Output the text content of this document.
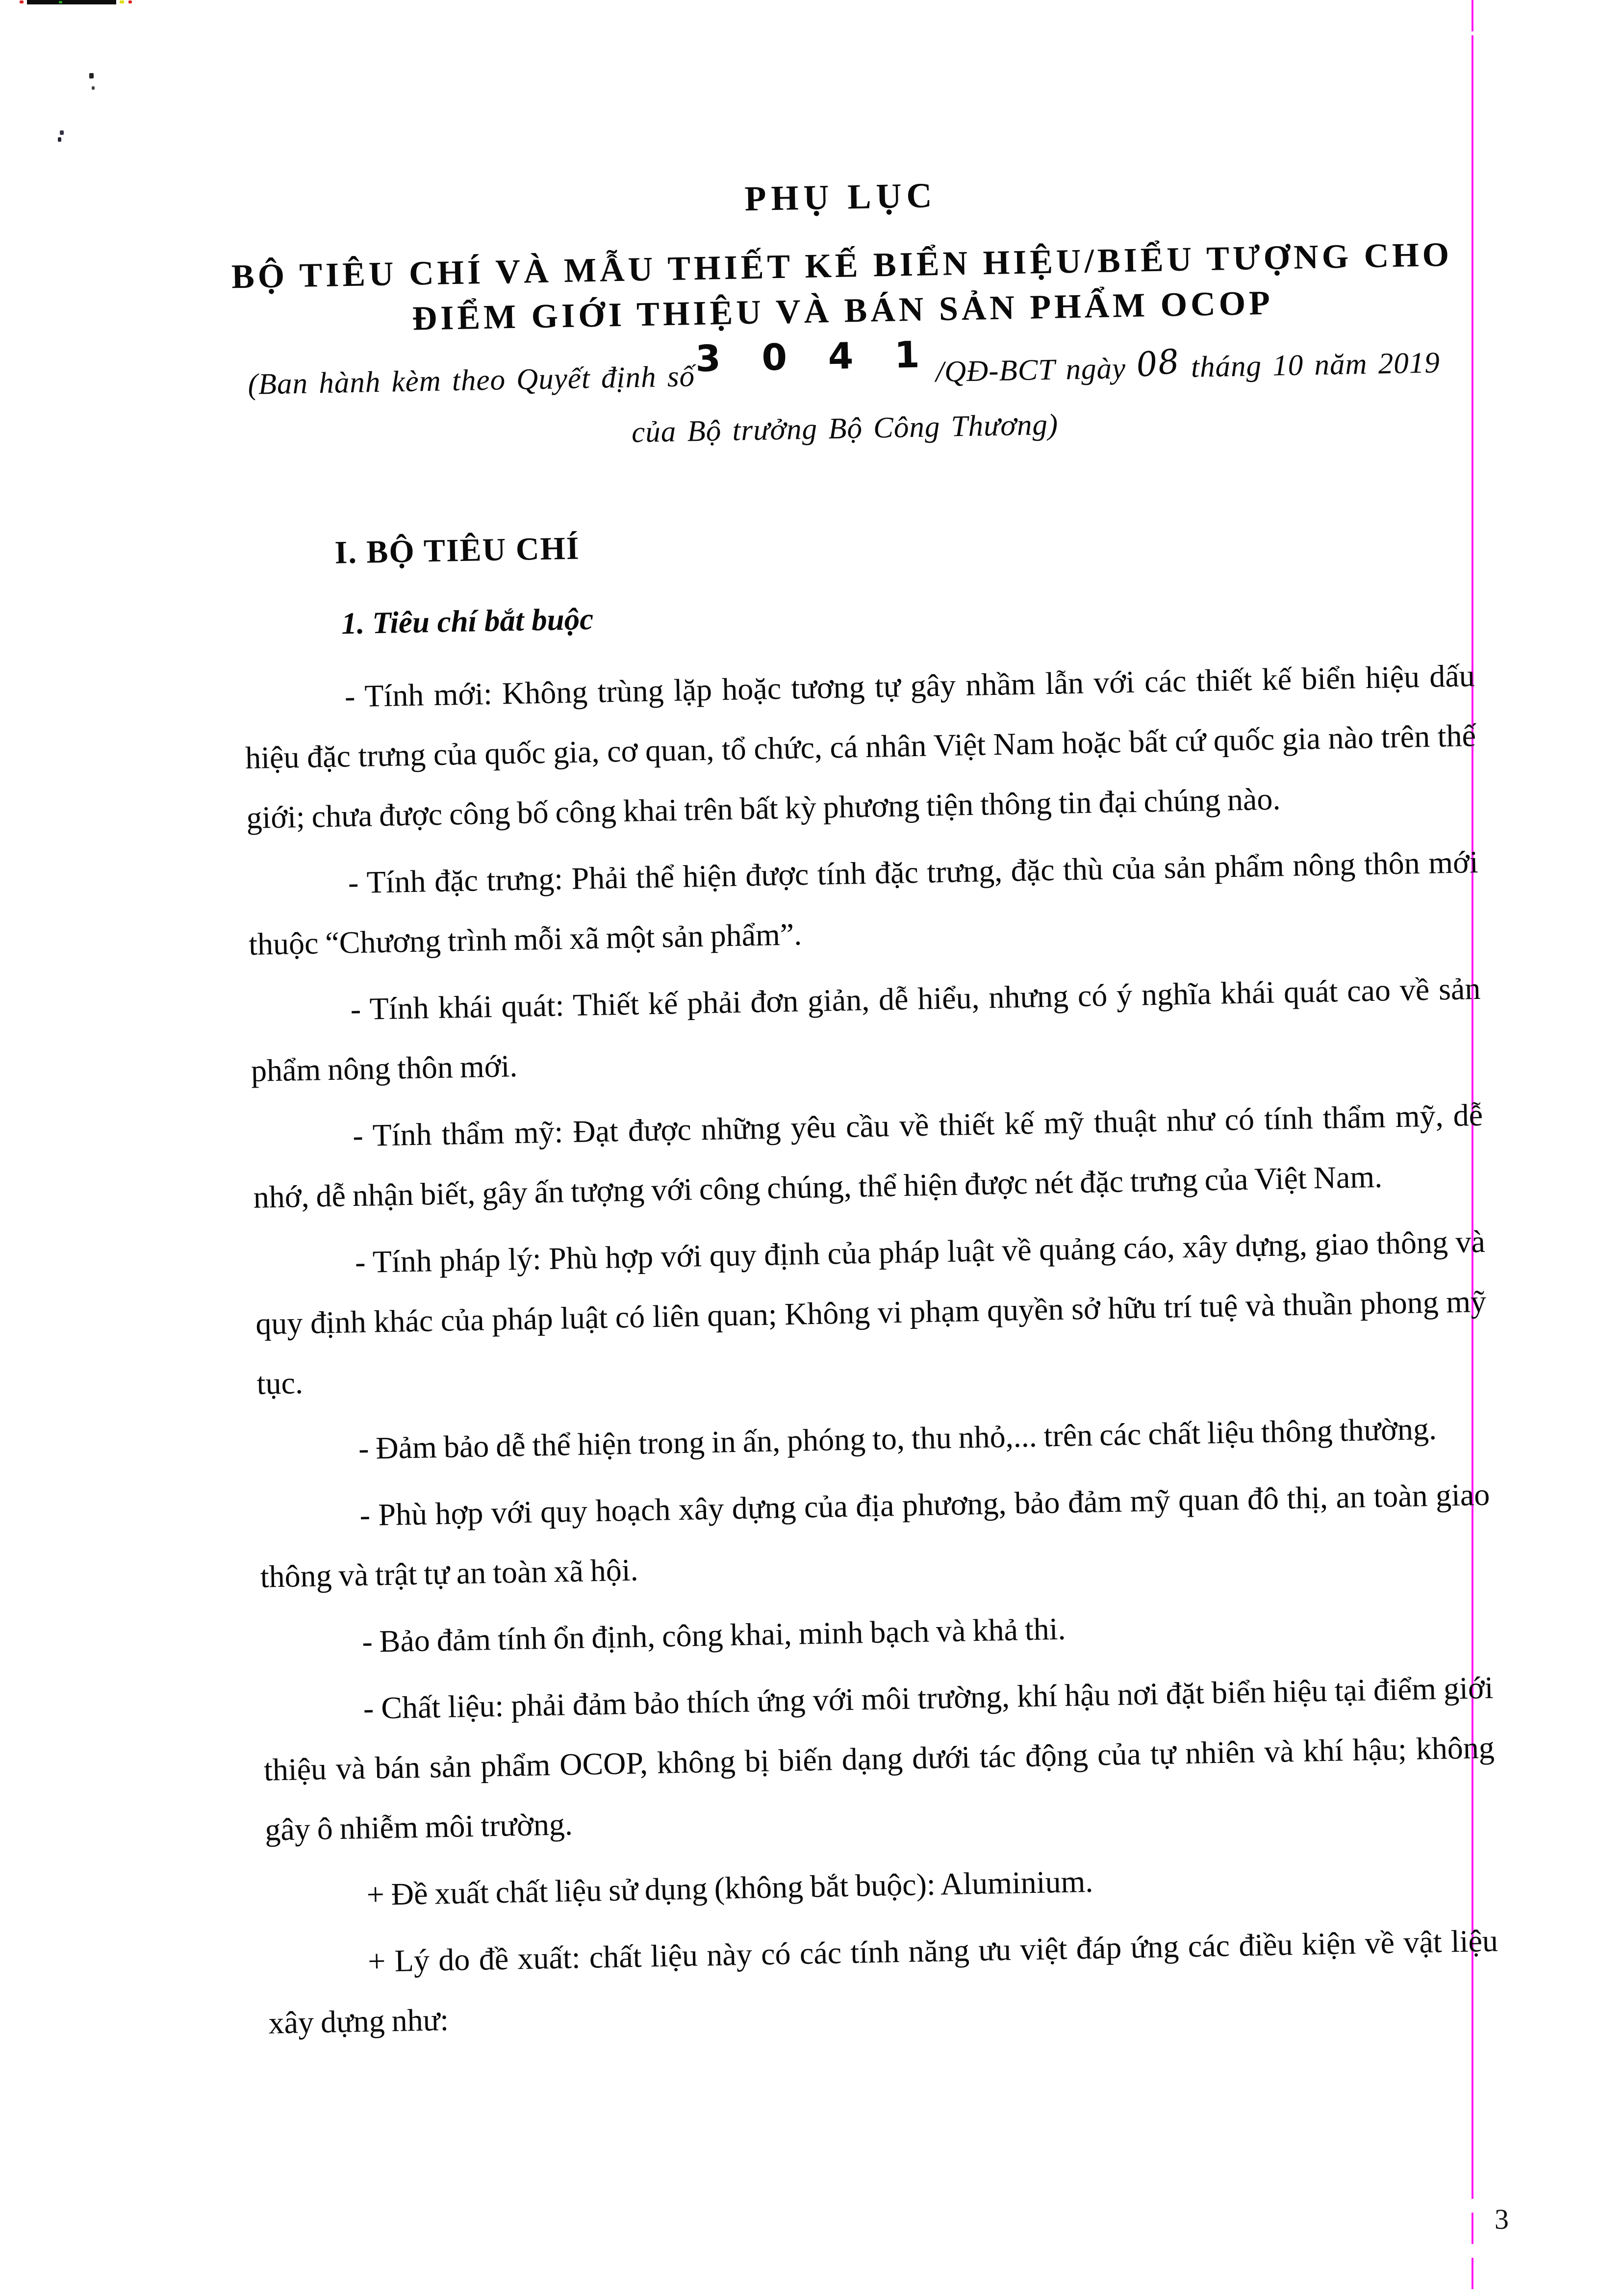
3
PHỤ LỤC
BỘ TIÊU CHÍ VÀ MẪU THIẾT KẾ BIỂN HIỆU/BIỂU TƯỢNG CHO
ĐIỂM GIỚI THIỆU VÀ BÁN SẢN PHẨM OCOP
(Ban hành kèm theo Quyết định số3 0 4 1/QĐ-BCT ngày 08 tháng 10 năm 2019
của Bộ trưởng Bộ Công Thương)
I. BỘ TIÊU CHÍ
1. Tiêu chí bắt buộc

- Tính mới: Không trùng lặp hoặc tương tự gây nhầm lẫn với các thiết kế biển hiệu dấu hiệu đặc trưng của quốc gia, cơ quan, tổ chức, cá nhân Việt Nam hoặc bất cứ quốc gia nào trên thế giới; chưa được công bố công khai trên bất kỳ phương tiện thông tin đại chúng nào.

- Tính đặc trưng: Phải thể hiện được tính đặc trưng, đặc thù của sản phẩm nông thôn mới thuộc “Chương trình mỗi xã một sản phẩm”.

- Tính khái quát: Thiết kế phải đơn giản, dễ hiểu, nhưng có ý nghĩa khái quát cao về sản phẩm nông thôn mới.

- Tính thẩm mỹ: Đạt được những yêu cầu về thiết kế mỹ thuật như có tính thẩm mỹ, dễ nhớ, dễ nhận biết, gây ấn tượng với công chúng, thể hiện được nét đặc trưng của Việt Nam.

- Tính pháp lý: Phù hợp với quy định của pháp luật về quảng cáo, xây dựng, giao thông và quy định khác của pháp luật có liên quan; Không vi phạm quyền sở hữu trí tuệ và thuần phong mỹ tục.

- Đảm bảo dễ thể hiện trong in ấn, phóng to, thu nhỏ,... trên các chất liệu thông thường.

- Phù hợp với quy hoạch xây dựng của địa phương, bảo đảm mỹ quan đô thị, an toàn giao thông và trật tự an toàn xã hội.

- Bảo đảm tính ổn định, công khai, minh bạch và khả thi.

- Chất liệu: phải đảm bảo thích ứng với môi trường, khí hậu nơi đặt biển hiệu tại điểm giới thiệu và bán sản phẩm OCOP, không bị biến dạng dưới tác động của tự nhiên và khí hậu; không gây ô nhiễm môi trường.

+ Đề xuất chất liệu sử dụng (không bắt buộc): Aluminium.

+ Lý do đề xuất: chất liệu này có các tính năng ưu việt đáp ứng các điều kiện về vật liệu xây dựng như:
